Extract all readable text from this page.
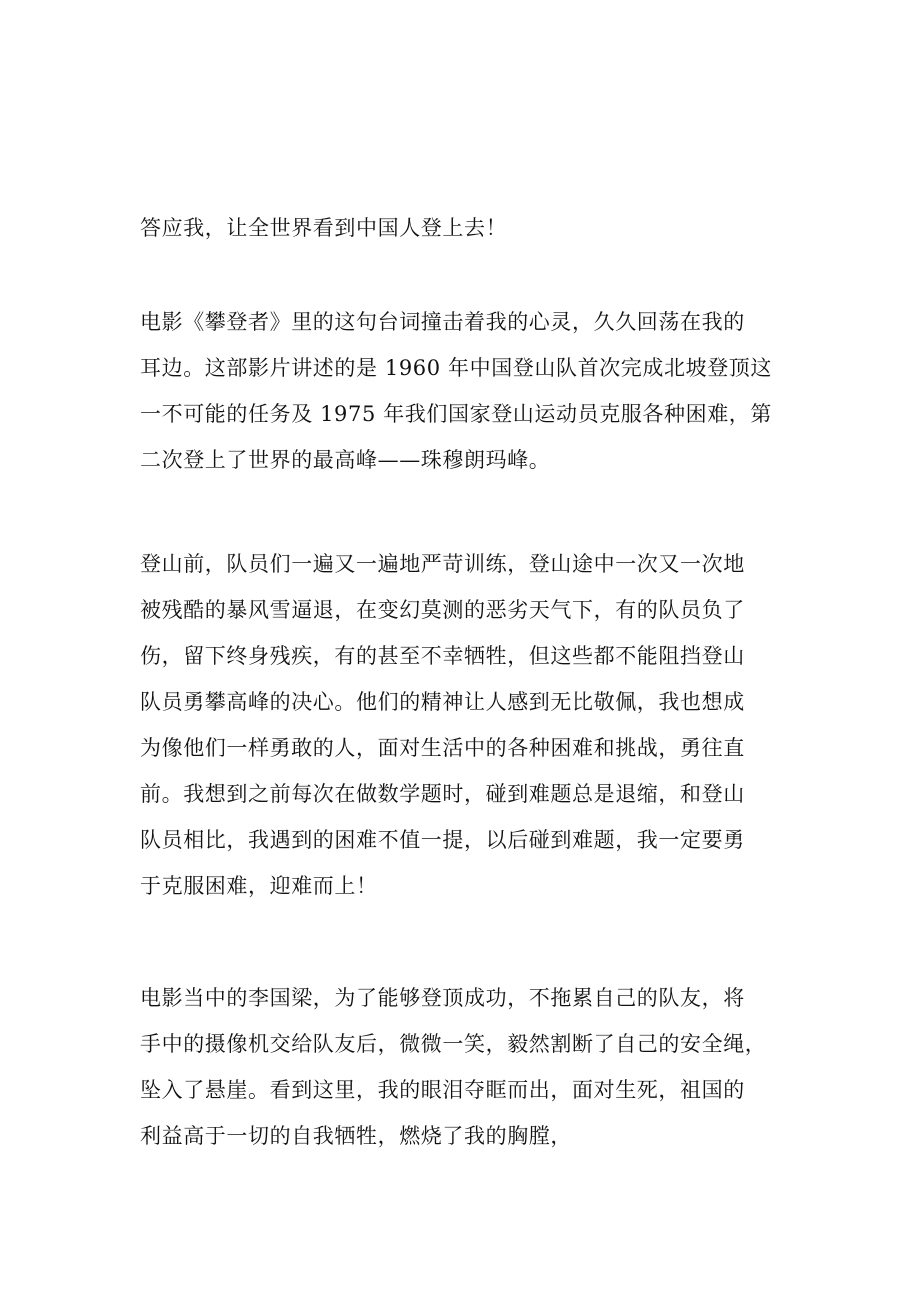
答应我，让全世界看到中国人登上去！

电影《攀登者》里的这句台词撞击着我的心灵，久久回荡在我的
耳边。这部影片讲述的是 1960 年中国登山队首次完成北坡登顶这
一不可能的任务及 1975 年我们国家登山运动员克服各种困难，第
二次登上了世界的最高峰——珠穆朗玛峰。

登山前，队员们一遍又一遍地严苛训练，登山途中一次又一次地
被残酷的暴风雪逼退，在变幻莫测的恶劣天气下，有的队员负了
伤，留下终身残疾，有的甚至不幸牺牲，但这些都不能阻挡登山
队员勇攀高峰的决心。他们的精神让人感到无比敬佩，我也想成
为像他们一样勇敢的人，面对生活中的各种困难和挑战，勇往直
前。我想到之前每次在做数学题时，碰到难题总是退缩，和登山
队员相比，我遇到的困难不值一提，以后碰到难题，我一定要勇
于克服困难，迎难而上！

电影当中的李国梁，为了能够登顶成功，不拖累自己的队友，将
手中的摄像机交给队友后，微微一笑，毅然割断了自己的安全绳，
坠入了悬崖。看到这里，我的眼泪夺眶而出，面对生死，祖国的
利益高于一切的自我牺牲，燃烧了我的胸膛，
